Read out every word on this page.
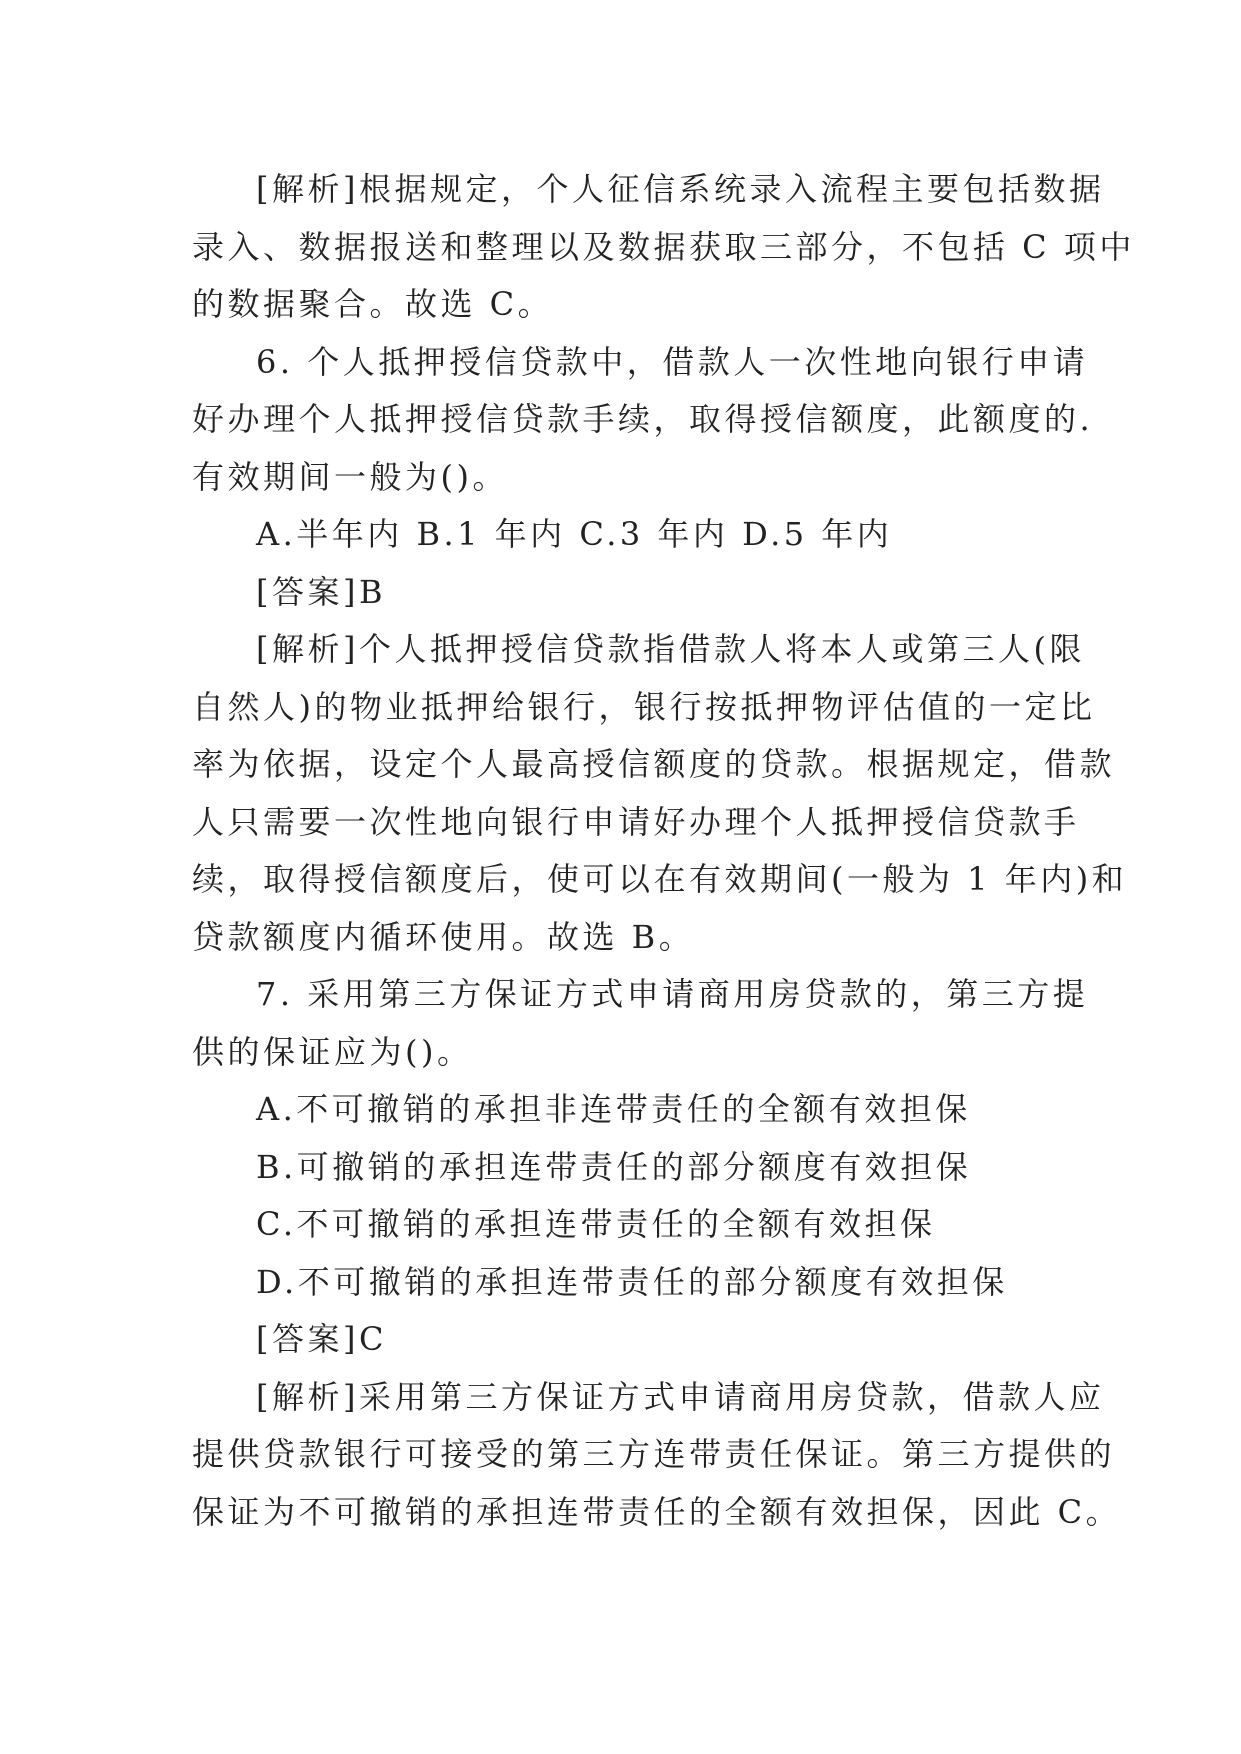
[解析]根据规定，个人征信系统录入流程主要包括数据
录入、数据报送和整理以及数据获取三部分，不包括 C 项中
的数据聚合。故选 C。
6. 个人抵押授信贷款中，借款人一次性地向银行申请
好办理个人抵押授信贷款手续，取得授信额度，此额度的.
有效期间一般为()。
A.半年内 B.1 年内 C.3 年内 D.5 年内
[答案]B
[解析]个人抵押授信贷款指借款人将本人或第三人(限
自然人)的物业抵押给银行，银行按抵押物评估值的一定比
率为依据，设定个人最高授信额度的贷款。根据规定，借款
人只需要一次性地向银行申请好办理个人抵押授信贷款手
续，取得授信额度后，使可以在有效期间(一般为 1 年内)和
贷款额度内循环使用。故选 B。
7. 采用第三方保证方式申请商用房贷款的，第三方提
供的保证应为()。
A.不可撤销的承担非连带责任的全额有效担保
B.可撤销的承担连带责任的部分额度有效担保
C.不可撤销的承担连带责任的全额有效担保
D.不可撤销的承担连带责任的部分额度有效担保
[答案]C
[解析]采用第三方保证方式申请商用房贷款，借款人应
提供贷款银行可接受的第三方连带责任保证。第三方提供的
保证为不可撤销的承担连带责任的全额有效担保，因此 C。
